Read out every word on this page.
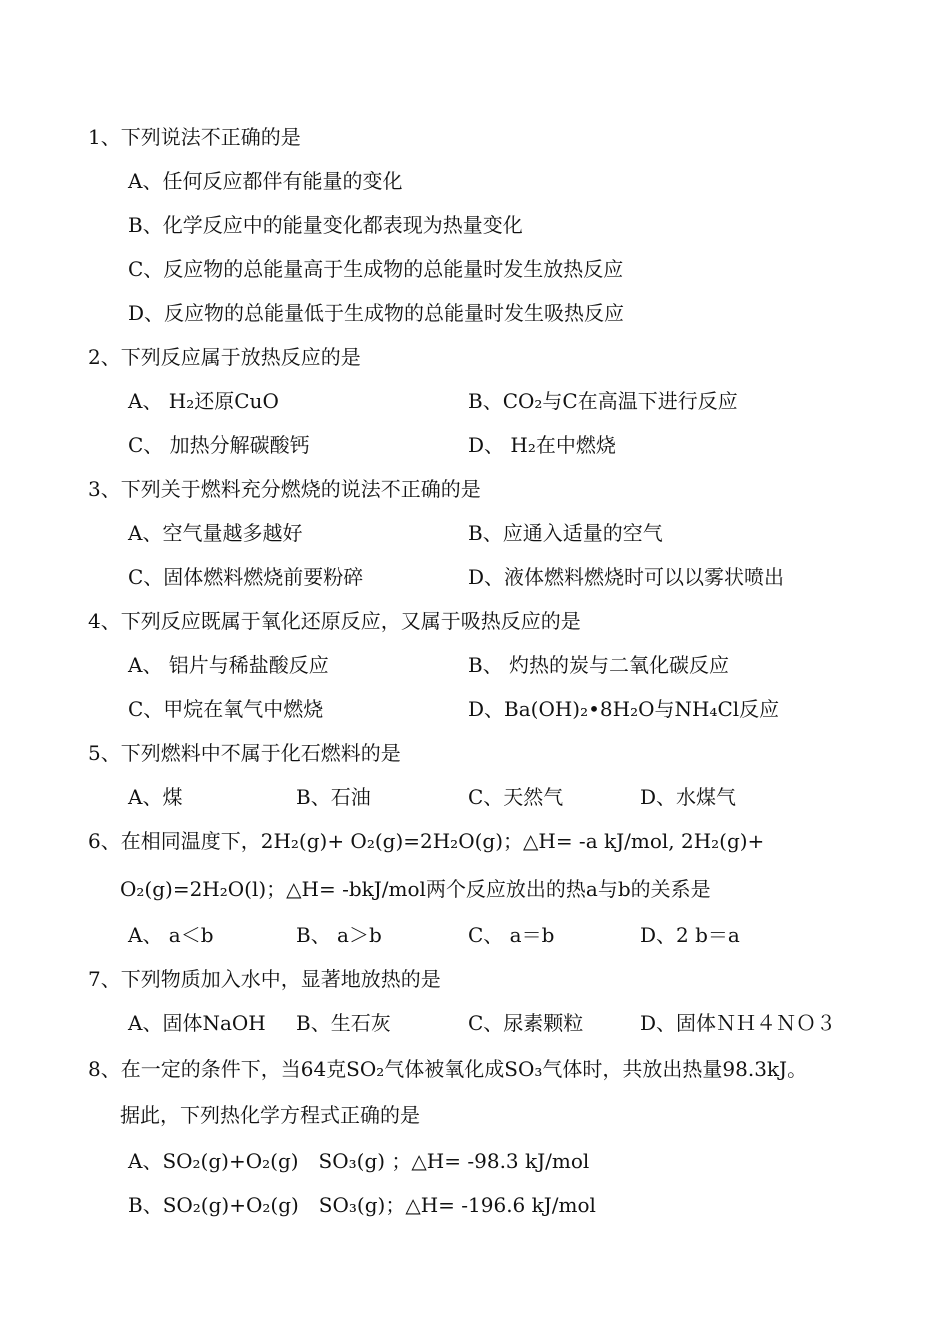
1、下列说法不正确的是
A、任何反应都伴有能量的变化
B、化学反应中的能量变化都表现为热量变化
C、反应物的总能量高于生成物的总能量时发生放热反应
D、反应物的总能量低于生成物的总能量时发生吸热反应
2、下列反应属于放热反应的是
A、 H₂还原CuO	B、CO₂与C在高温下进行反应
C、 加热分解碳酸钙	D、 H₂在中燃烧
3、下列关于燃料充分燃烧的说法不正确的是
A、空气量越多越好	B、应通入适量的空气
C、固体燃料燃烧前要粉碎	D、液体燃料燃烧时可以以雾状喷出
4、下列反应既属于氧化还原反应，又属于吸热反应的是
A、 铝片与稀盐酸反应	B、 灼热的炭与二氧化碳反应
C、甲烷在氧气中燃烧	D、Ba(OH)₂•8H₂O与NH₄Cl反应
5、下列燃料中不属于化石燃料的是
A、煤	B、石油	C、天然气	D、水煤气
6、在相同温度下，2H₂(g)+ O₂(g)=2H₂O(g)；△H= -a kJ/mol, 2H₂(g)+
O₂(g)=2H₂O(l)；△H= -bkJ/mol两个反应放出的热a与b的关系是
A、 a＜b	B、 a＞b	C、 a＝b	D、2 b＝a
7、下列物质加入水中，显著地放热的是
A、固体NaOH B、生石灰	C、尿素颗粒	D、固体ＮＨ４ＮＯ３
8、在一定的条件下，当64克SO₂气体被氧化成SO₃气体时，共放出热量98.3kJ。
据此，下列热化学方程式正确的是
A、SO₂(g)+O₂(g)　SO₃(g) ；△H= -98.3 kJ/mol
B、SO₂(g)+O₂(g)　SO₃(g)；△H= -196.6 kJ/mol
